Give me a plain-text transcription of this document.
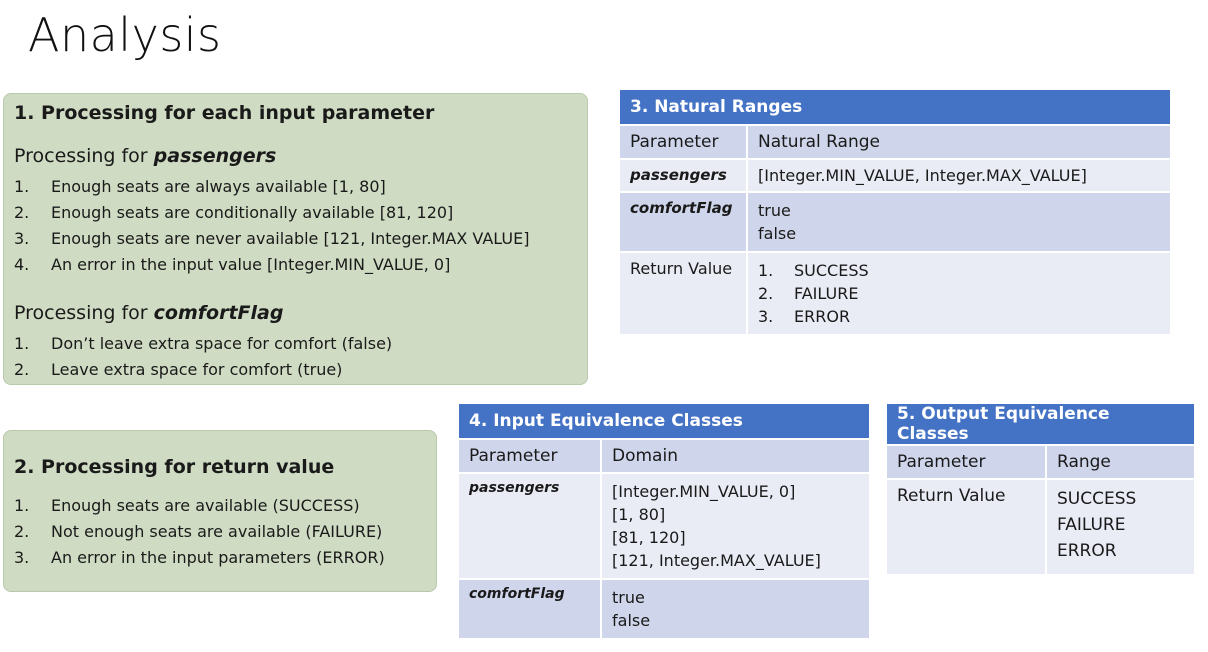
Analysis
1. Processing for each input parameter
Processing for passengers
1. Enough seats are always available [1, 80]
2. Enough seats are conditionally available [81, 120]
3. Enough seats are never available [121, Integer.MAX VALUE]
4. An error in the input value [Integer.MIN_VALUE, 0]
Processing for comfortFlag
1. Don’t leave extra space for comfort (false)
2. Leave extra space for comfort (true)
2. Processing for return value
1. Enough seats are available (SUCCESS)
2. Not enough seats are available (FAILURE)
3. An error in the input parameters (ERROR)
3. Natural Ranges	
Parameter	Natural Range
passengers	[Integer.MIN_VALUE, Integer.MAX_VALUE]
comfortFlag	true
false

Return Value	1. SUCCESS
2. FAILURE
3. ERROR
4. Input Equivalence Classes	
Parameter	Domain
passengers	[Integer.MIN_VALUE, 0]
[1, 80]
[81, 120]
[121, Integer.MAX_VALUE]

comfortFlag	true
false
5. Output Equivalence Classes	
Parameter	Range
Return Value	SUCCESS
FAILURE
ERROR
